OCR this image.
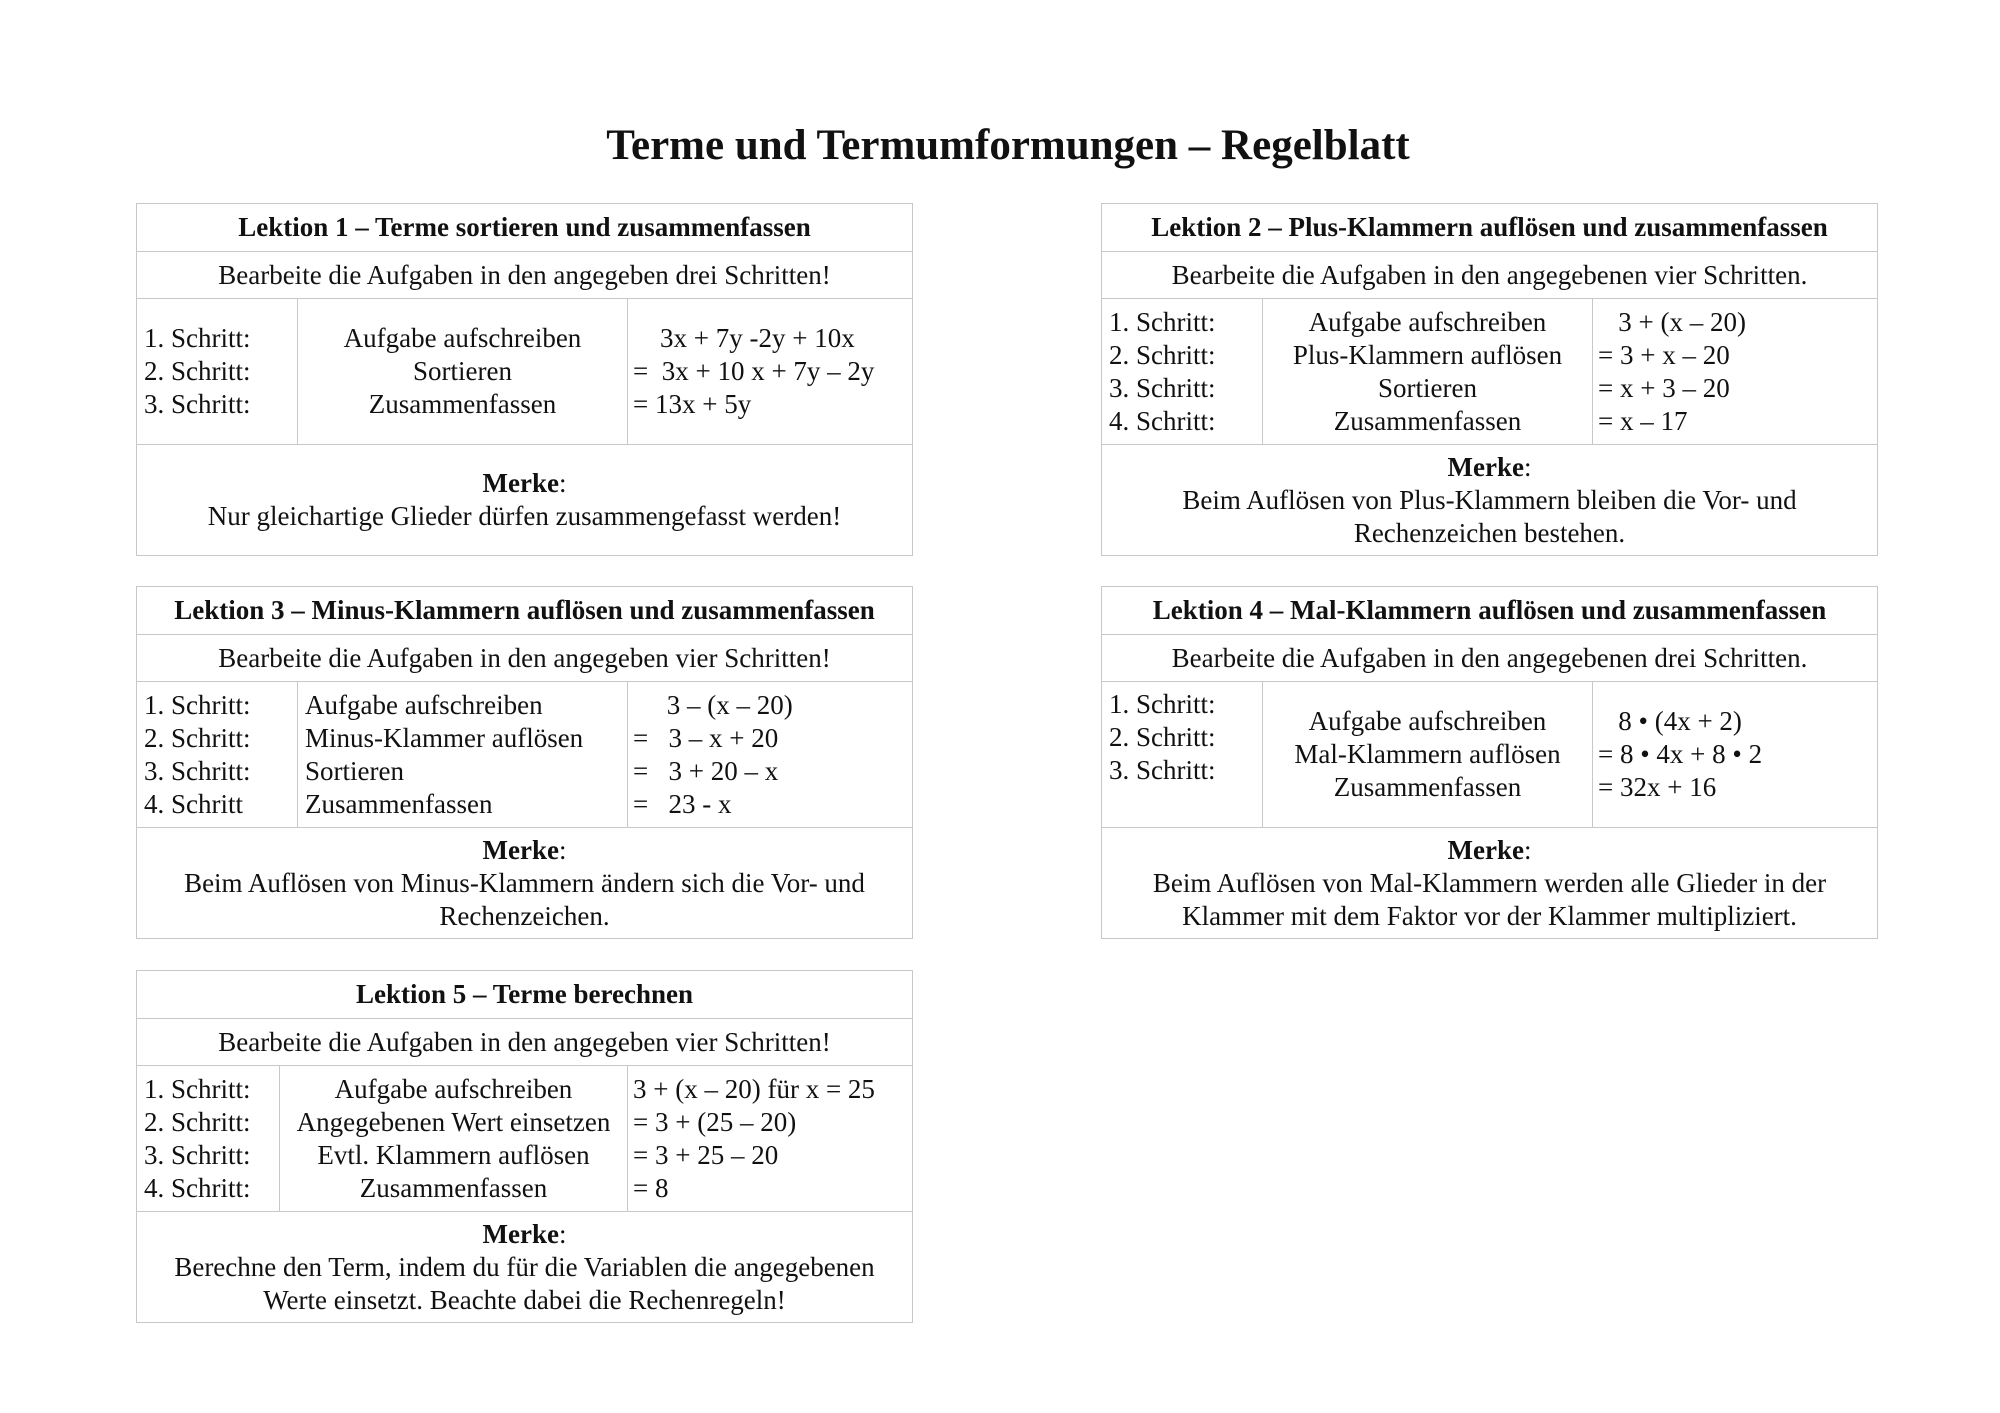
Terme und Termumformungen – Regelblatt
Lektion 1 – Terme sortieren und zusammenfassen
Bearbeite die Aufgaben in den angegeben drei Schritten!
1. Schritt:
2. Schritt:
3. Schritt:
Aufgabe aufschreiben
Sortieren
Zusammenfassen
3x + 7y -2y + 10x
=  3x + 10 x + 7y – 2y
= 13x + 5y
Merke:
Nur gleichartige Glieder dürfen zusammengefasst werden!
Lektion 2 – Plus-Klammern auflösen und zusammenfassen
Bearbeite die Aufgaben in den angegebenen vier Schritten.
1. Schritt:
2. Schritt:
3. Schritt:
4. Schritt:
Aufgabe aufschreiben
Plus-Klammern auflösen
Sortieren
Zusammenfassen
3 + (x – 20)
= 3 + x – 20
= x + 3 – 20
= x – 17
Merke:
Beim Auflösen von Plus-Klammern bleiben die Vor- und
Rechenzeichen bestehen.
Lektion 3 – Minus-Klammern auflösen und zusammenfassen
Bearbeite die Aufgaben in den angegeben vier Schritten!
1. Schritt:
2. Schritt:
3. Schritt:
4. Schritt
Aufgabe aufschreiben
Minus-Klammer auflösen
Sortieren
Zusammenfassen
3 – (x – 20)
=   3 – x + 20
=   3 + 20 – x
=   23 - x
Merke:
Beim Auflösen von Minus-Klammern ändern sich die Vor- und
Rechenzeichen.
Lektion 4 – Mal-Klammern auflösen und zusammenfassen
Bearbeite die Aufgaben in den angegebenen drei Schritten.
1. Schritt:
2. Schritt:
3. Schritt:
Aufgabe aufschreiben
Mal-Klammern auflösen
Zusammenfassen
8 • (4x + 2)
= 8 • 4x + 8 • 2
= 32x + 16
Merke:
Beim Auflösen von Mal-Klammern werden alle Glieder in der
Klammer mit dem Faktor vor der Klammer multipliziert.
Lektion 5 – Terme berechnen
Bearbeite die Aufgaben in den angegeben vier Schritten!
1. Schritt:
2. Schritt:
3. Schritt:
4. Schritt:
Aufgabe aufschreiben
Angegebenen Wert einsetzen
Evtl. Klammern auflösen
Zusammenfassen
3 + (x – 20) für x = 25
= 3 + (25 – 20)
= 3 + 25 – 20
= 8
Merke:
Berechne den Term, indem du für die Variablen die angegebenen
Werte einsetzt. Beachte dabei die Rechenregeln!
